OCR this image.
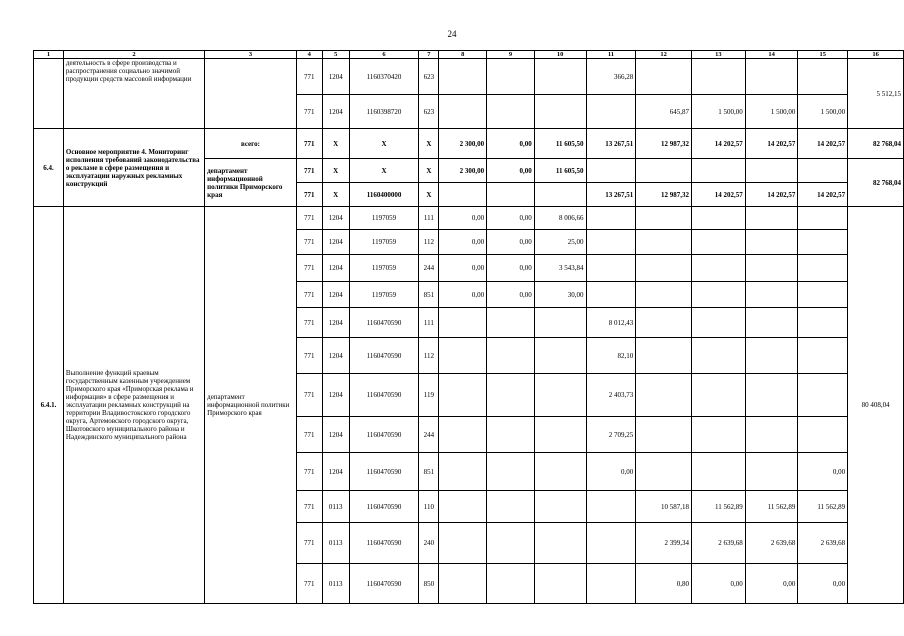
24
1	2	3	4	5	6	7	8	9	10	11	12	13	14	15	16
	деятельность в сфере производства и распространения социально значимой продукции средств массовой информации		771	1204	1160370420	623				366,28					5 512,15
			771	1204	1160398720	623					645,87	1 500,00	1 500,00	1 500,00	
6.4.	Основное мероприятие 4. Мониторинг исполнения требований законодательства о рекламе в сфере размещения и эксплуатации наружных рекламных конструкций	всего:	771	Х	Х	Х	2 300,00	0,00	11 605,50	13 267,51	12 987,32	14 202,57	14 202,57	14 202,57	82 768,04
		департамент информационной политики Приморского края	771	Х	Х	Х	2 300,00	0,00	11 605,50						82 768,04
			771	Х	1160400000	Х				13 267,51	12 987,32	14 202,57	14 202,57	14 202,57	
6.4.1.	Выполнение функций краевым государственным казенным учреждением Приморского края «Приморская реклама и информация» в сфере размещения и эксплуатации рекламных конструкций на территории Владивостокского городского округа, Артемовского городского округа, Шкотовского муниципального района и Надеждинского муниципального района	департамент информационной политики Приморского края	771	1204	1197059	111	0,00	0,00	8 006,66						80 408,04
			771	1204	1197059	112	0,00	0,00	25,00						
			771	1204	1197059	244	0,00	0,00	3 543,84						
			771	1204	1197059	851	0,00	0,00	30,00						
			771	1204	1160470590	111				8 012,43					
			771	1204	1160470590	112				82,10					
			771	1204	1160470590	119				2 403,73					
			771	1204	1160470590	244				2 709,25					
			771	1204	1160470590	851				0,00				0,00	
			771	0113	1160470590	110					10 587,18	11 562,89	11 562,89	11 562,89	
			771	0113	1160470590	240					2 399,34	2 639,68	2 639,68	2 639,68	
			771	0113	1160470590	850					0,80	0,00	0,00	0,00	
